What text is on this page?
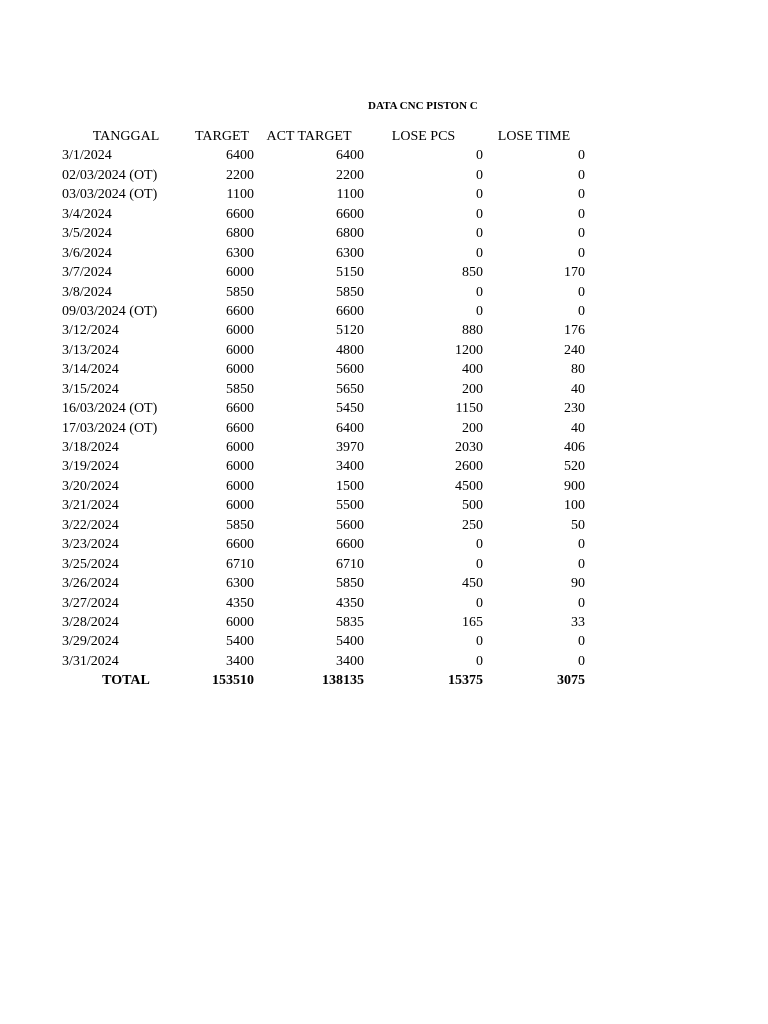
DATA CNC PISTON C
	TANGGAL	TARGET	ACT TARGET	LOSE PCS	LOSE TIME	
	3/1/2024	6400	6400	0	0	
	02/03/2024 (OT)	2200	2200	0	0	
	03/03/2024 (OT)	1100	1100	0	0	
	3/4/2024	6600	6600	0	0	
	3/5/2024	6800	6800	0	0	
	3/6/2024	6300	6300	0	0	
	3/7/2024	6000	5150	850	170	
	3/8/2024	5850	5850	0	0	
	09/03/2024 (OT)	6600	6600	0	0	
	3/12/2024	6000	5120	880	176	
	3/13/2024	6000	4800	1200	240	
	3/14/2024	6000	5600	400	80	
	3/15/2024	5850	5650	200	40	
	16/03/2024 (OT)	6600	5450	1150	230	
	17/03/2024 (OT)	6600	6400	200	40	
	3/18/2024	6000	3970	2030	406	
	3/19/2024	6000	3400	2600	520	
	3/20/2024	6000	1500	4500	900	
	3/21/2024	6000	5500	500	100	
	3/22/2024	5850	5600	250	50	
	3/23/2024	6600	6600	0	0	
	3/25/2024	6710	6710	0	0	
	3/26/2024	6300	5850	450	90	
	3/27/2024	4350	4350	0	0	
	3/28/2024	6000	5835	165	33	
	3/29/2024	5400	5400	0	0	
	3/31/2024	3400	3400	0	0	
	TOTAL	153510	138135	15375	3075	
